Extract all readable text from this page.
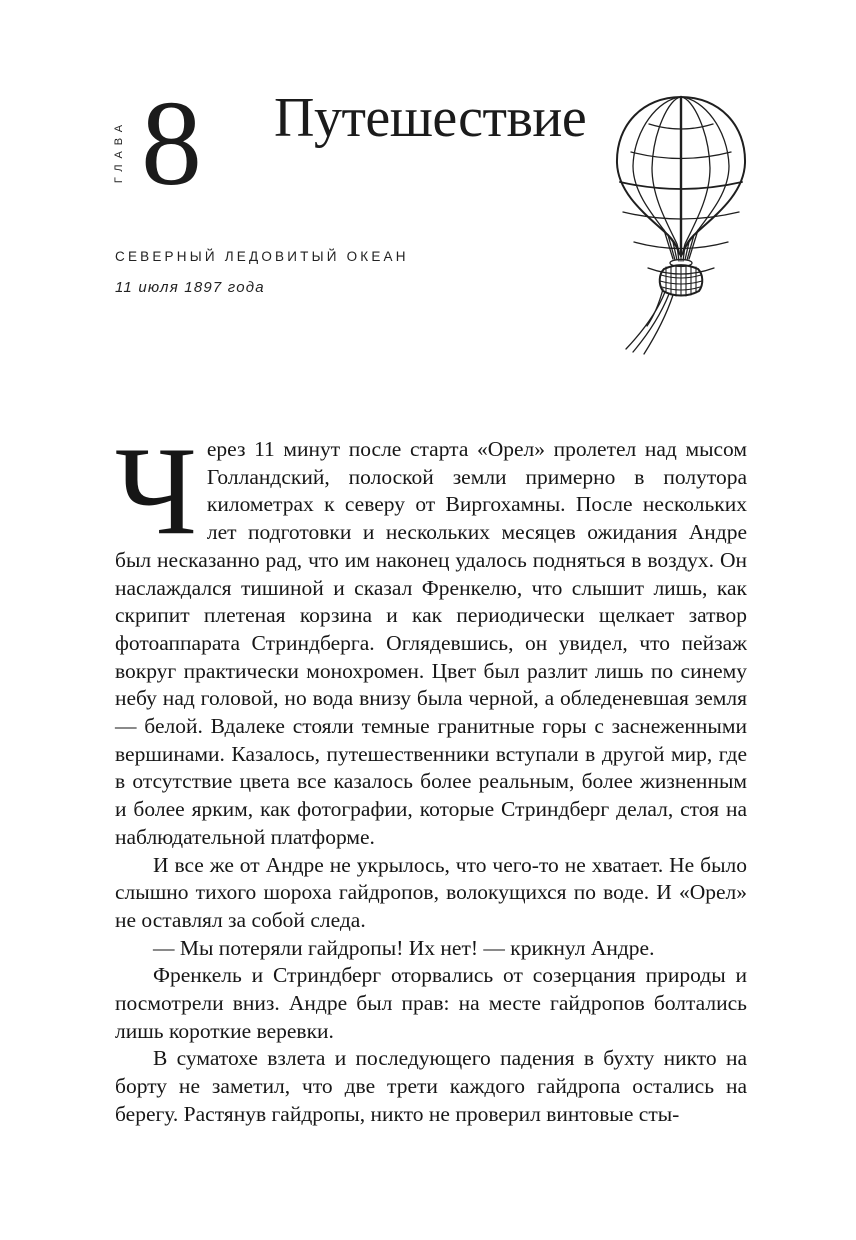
ГЛАВА 8 Путешествие
СЕВЕРНЫЙ ЛЕДОВИТЫЙ ОКЕАН
11 июля 1897 года

Через 11 минут после старта «Орел» пролетел над мысом Голландский, полоской земли примерно в полутора километрах к северу от Виргохамны. После нескольких лет подготовки и нескольких месяцев ожидания Андре был несказанно рад, что им наконец удалось подняться в воздух. Он наслаждался тишиной и сказал Френкелю, что слышит лишь, как скрипит плетеная корзина и как периодически щелкает затвор фотоаппарата Стриндберга. Оглядевшись, он увидел, что пейзаж вокруг практически монохромен. Цвет был разлит лишь по синему небу над головой, но вода внизу была черной, а обледеневшая земля — белой. Вдалеке стояли темные гранитные горы с заснеженными вершинами. Казалось, путешественники вступали в другой мир, где в отсутствие цвета все казалось более реальным, более жизненным и более ярким, как фотографии, которые Стриндберг делал, стоя на наблюдательной платформе.

И все же от Андре не укрылось, что чего-то не хватает. Не было слышно тихого шороха гайдропов, волокущихся по воде. И «Орел» не оставлял за собой следа.

— Мы потеряли гайдропы! Их нет! — крикнул Андре.

Френкель и Стриндберг оторвались от созерцания природы и посмотрели вниз. Андре был прав: на месте гайдропов болтались лишь короткие веревки.

В суматохе взлета и последующего падения в бухту никто на борту не заметил, что две трети каждого гайдропа остались на берегу. Растянув гайдропы, никто не проверил винтовые сты-
